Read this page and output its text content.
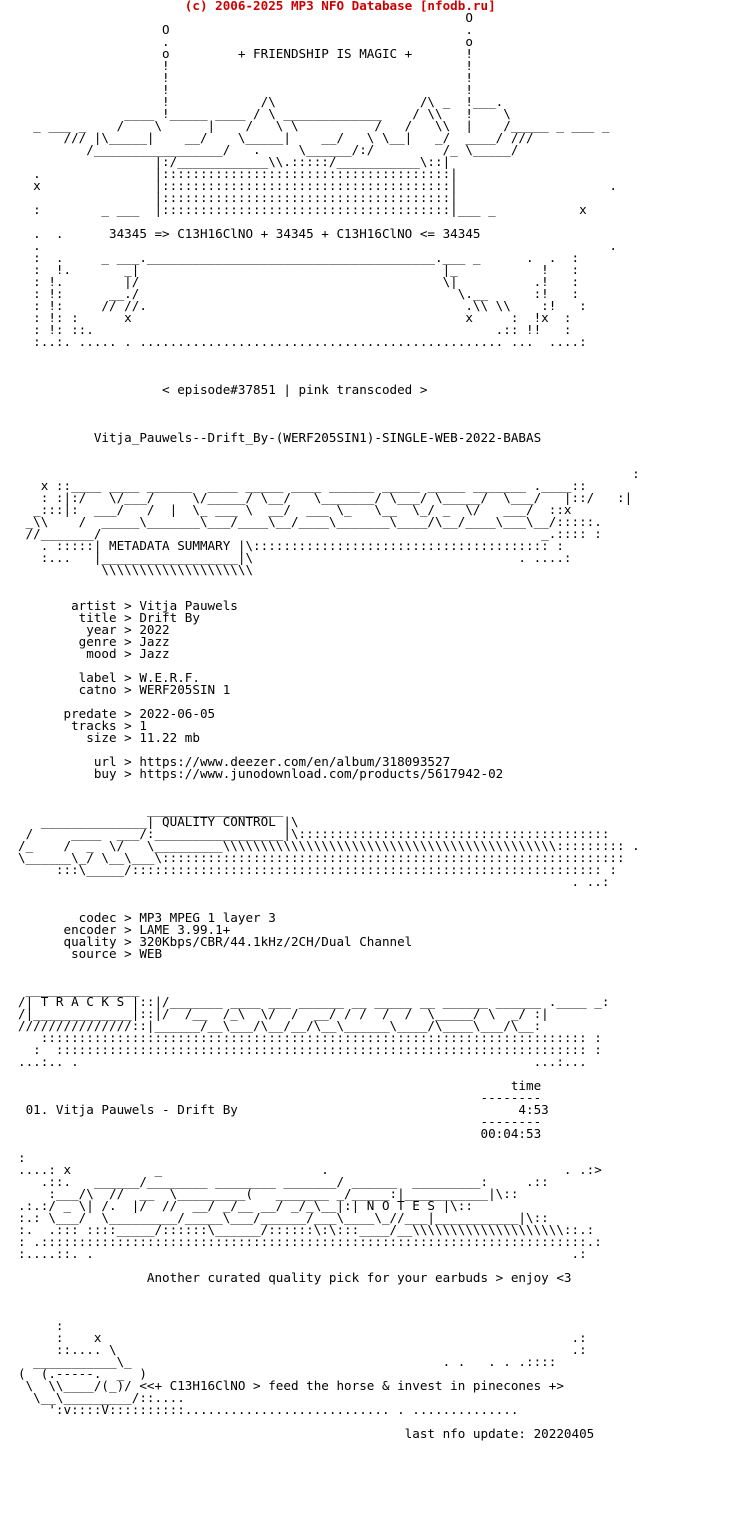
(c) 2006-2025 MP3 NFO Database [nfodb.ru]
O
O                                       .
.                                       o
o         + FRIENDSHIP IS MAGIC +       !
!                                       !
!                                       !
!                                       !
!            /\                   /\ _  !___.
____ !_____ ____ / \ _____________    / \\   !    \
_ ___ _    /    \      |    /   \ \          /   /   \\  |    /_____ _ ___ _
/// |\_____|    __/    \_____|    __/   \ \__|   _/  ____/ ///
/_________________/   .     \______/:/         /_ \_____/
|:/____________\\.:::::/___________\::|
.               |::::::::::::::::::::::::::::::::::::::|
x               |::::::::::::::::::::::::::::::::::::::|                    .
|::::::::::::::::::::::::::::::::::::::|
:        _ ___  |::::::::::::::::::::::::::::::::::::::|___ _           x
.  .      34345 => C13H16ClNO + 34345 + C13H16ClNO <= 34345
.                                                                           .
:  .     _ ___.______________________________________.___ _      .  .  :
:  !.       _|                                        |_           !   :
: !.        |/                                        \|          .!   :
: !:      __./                                          \.__      :!   :
: !:     // //.                                          .\\ \\    :!   :
: !: :      x                                            x     :  !x  :
: !: ::.                                                     .:: !!   :
:..:. ..... . ................................................ ...  ....:
< episode#37851 | pink transcoded >
Vitja_Pauwels--Drift_By-(WERF205SIN1)-SINGLE-WEB-2022-BABAS
:
x ::____ ____ ______  ____ _____ ____ ______ _____ _____ _______ .____::
: :|:/   \/___/     \/_____/ \__/   \_______/ \___/ \_____/  \___/   |::/   :|
_:::|:  ___/   /  |  \_ ___ \  __/  ___ \_   \__  \_/ _  \/   ___/  ::x
_\\    /  _____\_______\___/____\__/____\_______\____/\__/____\___\__/:::::.
//_______/                                                          _.:::: :
. :::::| METADATA SUMMARY |\::::::::::::::::::::::::::::::::::::::: :
:...   |__________________|\                                   . ....:
\\\\\\\\\\\\\\\\\\\\
artist > Vitja Pauwels
title > Drift By
year > 2022
genre > Jazz
mood > Jazz
label > W.E.R.F.
catno > WERF205SIN 1
predate > 2022-06-05
tracks > 1
size > 11.22 mb
url > https://www.deezer.com/en/album/318093527
buy > https://www.junodownload.com/products/5617942-02
__________________
______________| QUALITY CONTROL |\
/     ____  ___/:_________________|\:::::::::::::::::::::::::::::::::::::::::
/_    /  _  \/   \_________\\\\\\\\\\\\\\\\\\\\\\\\\\\\\\\\\\\\\\\\\\\\::::::::: .
\______\_/ \__\___\:::::::::::::::::::::::::::::::::::::::::::::::::::::::::::::
:::\_____/:::::::::::::::::::::::::::::::::::::::::::::::::::::::::::::: :
. ..:
codec > MP3 MPEG 1 layer 3
encoder > LAME 3.99.1+
quality > 320Kbps/CBR/44.1kHz/2CH/Dual Channel
source > WEB
_______________
/| T R A C K S |::|/_______ ____ ___ ______ __ _____ __ ______ ______ .____ _:
/|_____________|::|/  /__  /_\  \/  /  __/ / /  /  /  \_____/ \  _/ :|
///////////////::|______/__\___/\__/__/\__\______\____/\____\___/\__:
:::::::::::::::::::::::::::::::::::::::::::::::::::::::::::::::::::::::: :
:  :::::::::::::::::::::::::::::::::::::::::::::::::::::::::::::::::::::: :
...:.. .                                                            ...:...
time
--------
01. Vitja Pauwels - Drift By                                     4:53
--------
00:04:53
:
....: x           _                     .                               . .:>
.::.   ______/________ ________ _______/ ______  _________:     .::
:___/\  //  __  \_________(   _______ _/_____:|___________|\::
.:.:/ _ \| /.  |/  //  __/ _/__ __/ _/_\__|:| N O T E S |\::
:.: \___/  \_________/_____\___/______/___\____\_//___|___________|\::
:.  .::: ::::_____/::::::\______/::::::\:\:::____/__\\\\\\\\\\\\\\\\\\\\::.:
: .::::::::::::::::::::::::::::::::::::::::::::::::::::::::::::::::::::::::.:
:....::. .                                                               .:
Another curated quality pick for your earbuds > enjoy <3
:
:    x                                                              .:
::.... \                                                            .:
___________\_                                         . .   . . .::::
(  (.-----.  _  )
\  \\____/(_)/ <<+ C13H16ClNO > feed the horse & invest in pinecones +>
\__\_________/::....
':v::::V::::::::::........................... . ..............
last nfo update: 20220405
